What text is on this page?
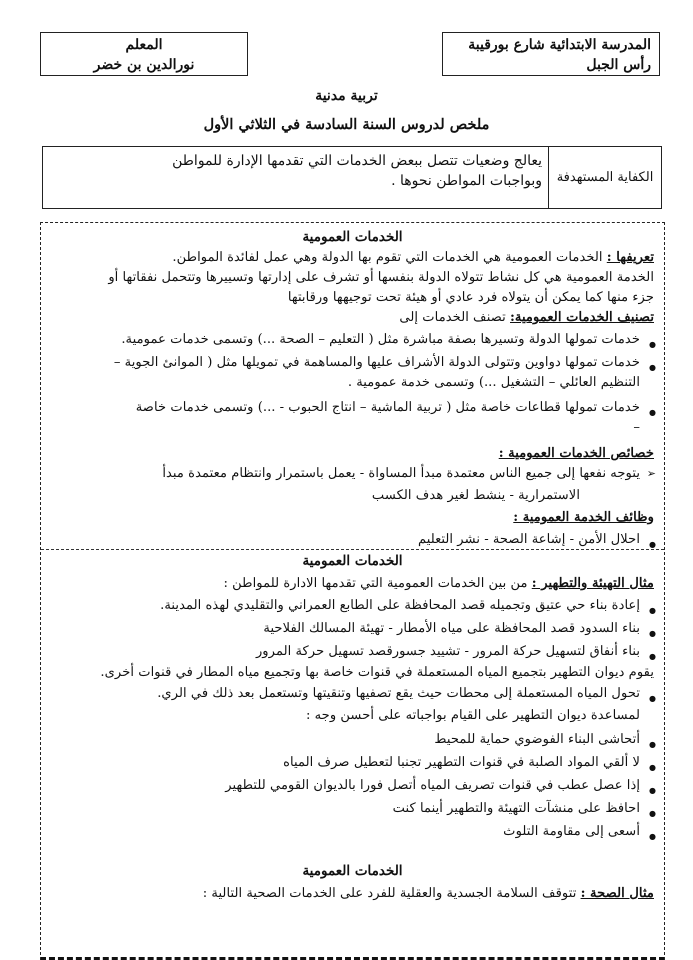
المدرسة الابتدائية شارع بورقيبة
رأس الجبل
المعلم
نورالدين بن خضر
تربية مدنية
ملخص لدروس السنة السادسة في الثلاثي الأول
الكفاية المستهدفة
يعالج وضعيات تتصل ببعض الخدمات التي تقدمها الإدارة للمواطن
وبواجبات المواطن نحوها .
الخدمات العمومية
تعريفها : الخدمات العمومية هي الخدمات التي تقوم بها الدولة وهي عمل لفائدة المواطن.
الخدمة العمومية هي كل نشاط تتولاه الدولة بنفسها أو تشرف على إدارتها وتسييرها وتتحمل نفقاتها أو
جزء منها كما يمكن أن يتولاه فرد عادي أو هيئة تحت توجيهها ورقابتها
تصنيف الخدمات العمومية: تصنف الخدمات إلى
● خدمات تمولها الدولة وتسيرها بصفة مباشرة مثل ( التعليم – الصحة ...) وتسمى خدمات عمومية.
● خدمات تمولها دواوين وتتولى الدولة الأشراف عليها والمساهمة في تمويلها مثل ( الموانئ الجوية –
التنظيم العائلي – التشغيل ...) وتسمى خدمة عمومية .
● خدمات تمولها قطاعات خاصة مثل ( تربية الماشية – انتاج الحبوب - ...) وتسمى خدمات خاصة
–
خصائص الخدمات العمومية :
➢ يتوجه نفعها إلى جميع الناس معتمدة مبدأ المساواة - يعمل باستمرار وانتظام معتمدة مبدأ
الاستمرارية - ينشط لغير هدف الكسب
وظائف الخدمة العمومية :
● احلال الأمن - إشاعة الصحة - نشر التعليم
الخدمات العمومية
مثال التهيئة والتطهير : من بين الخدمات العمومية التي تقدمها الادارة للمواطن :
● إعادة بناء حي عتيق وتجميله قصد المحافظة على الطابع العمراني والتقليدي لهذه المدينة.
● بناء السدود قصد المحافظة على مياه الأمطار - تهيئة المسالك الفلاحية
● بناء أنفاق لتسهيل حركة المرور - تشييد جسورقصد تسهيل حركة المرور
يقوم ديوان التطهير بتجميع المياه المستعملة في قنوات خاصة بها وتجميع مياه المطار في قنوات أخرى.
● تحول المياه المستعملة إلى محطات حيث يقع تصفيها وتنقيتها وتستعمل بعد ذلك في الري.
لمساعدة ديوان التطهير على القيام بواجباته على أحسن وجه :
● أتحاشى البناء الفوضوي حماية للمحيط
● لا ألقي المواد الصلبة في قنوات التطهير تجنبا لتعطيل صرف المياه
● إذا عصل عطب في قنوات تصريف المياه أتصل فورا بالديوان القومي للتطهير
● احافظ على منشآت التهيئة والتطهير أينما كنت
● أسعى إلى مقاومة التلوث
الخدمات العمومية
مثال الصحة : تتوقف السلامة الجسدية والعقلية للفرد على الخدمات الصحية التالية :
